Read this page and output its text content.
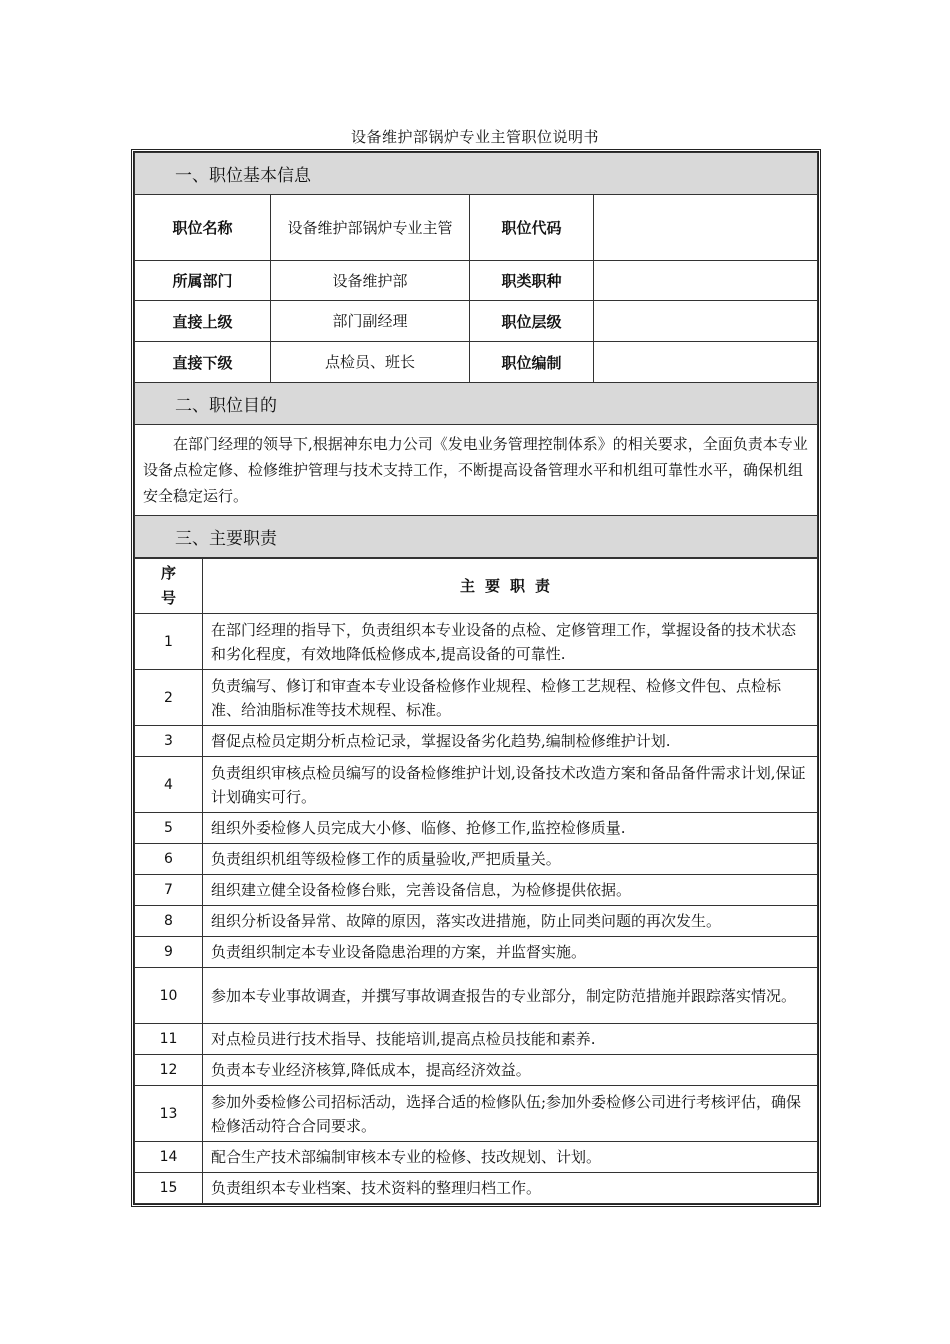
设备维护部锅炉专业主管职位说明书
一、职位基本信息			
职位名称	设备维护部锅炉专业主管	职位代码	
所属部门	设备维护部	职类职种	
直接上级	部门副经理	职位层级	
直接下级	点检员、班长	职位编制	
二、职位目的			
在部门经理的领导下,根据神东电力公司《发电业务管理控制体系》的相关要求，全面负责本专业设备点检定修、检修维护管理与技术支持工作，不断提高设备管理水平和机组可靠性水平，确保机组安全稳定运行。			
三、主要职责			
序号	主要职责
1	在部门经理的指导下，负责组织本专业设备的点检、定修管理工作，掌握设备的技术状态和劣化程度，有效地降低检修成本,提高设备的可靠性.
2	负责编写、修订和审查本专业设备检修作业规程、检修工艺规程、检修文件包、点检标准、给油脂标准等技术规程、标准。
3	督促点检员定期分析点检记录，掌握设备劣化趋势,编制检修维护计划.
4	负责组织审核点检员编写的设备检修维护计划,设备技术改造方案和备品备件需求计划,保证计划确实可行。
5	组织外委检修人员完成大小修、临修、抢修工作,监控检修质量.
6	负责组织机组等级检修工作的质量验收,严把质量关。
7	组织建立健全设备检修台账，完善设备信息，为检修提供依据。
8	组织分析设备异常、故障的原因，落实改进措施，防止同类问题的再次发生。
9	负责组织制定本专业设备隐患治理的方案，并监督实施。
10	参加本专业事故调查，并撰写事故调查报告的专业部分，制定防范措施并跟踪落实情况。
11	对点检员进行技术指导、技能培训,提高点检员技能和素养.
12	负责本专业经济核算,降低成本，提高经济效益。
13	参加外委检修公司招标活动，选择合适的检修队伍;参加外委检修公司进行考核评估，确保检修活动符合合同要求。
14	配合生产技术部编制审核本专业的检修、技改规划、计划。
15	负责组织本专业档案、技术资料的整理归档工作。
